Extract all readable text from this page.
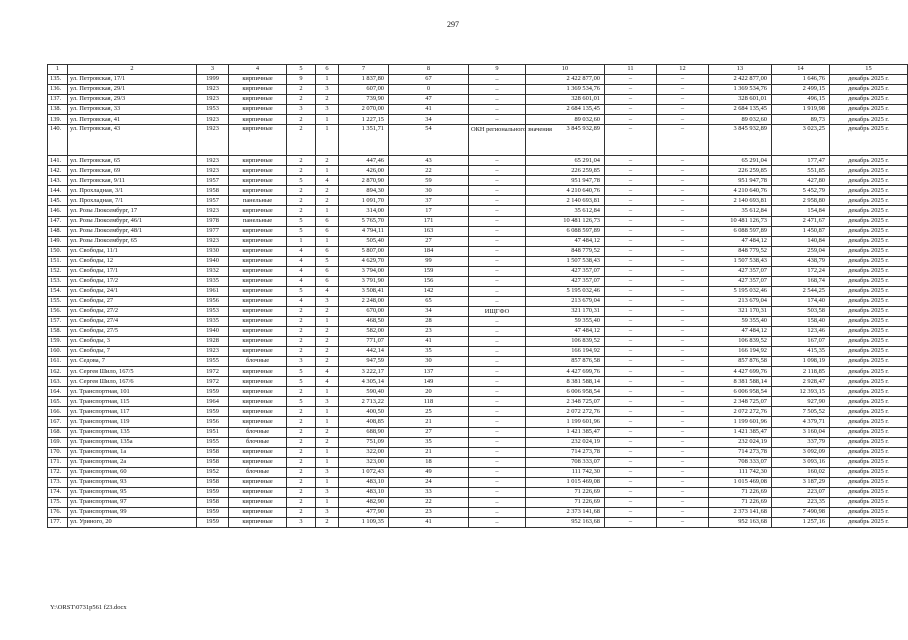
297
1	2	3	4	5	6	7	8	9	10	11	12	13	14	15
135.	ул. Петровская, 17/1	1999	кирпичные	9	1	1 837,80	67	–	2 422 877,00	–	–	2 422 877,00	1 646,76	декабрь 2025 г.
136.	ул. Петровская, 29/1	1923	кирпичные	2	3	607,00	0	–	1 369 534,76	–	–	1 369 534,76	2 499,15	декабрь 2025 г.
137.	ул. Петровская, 29/3	1923	кирпичные	2	2	739,90	47	–	328 601,01	–	–	328 601,01	496,15	декабрь 2025 г.
138.	ул. Петровская, 33	1953	кирпичные	3	3	2 070,00	41	–	2 684 135,45	–	–	2 684 135,45	1 919,98	декабрь 2025 г.
139.	ул. Петровская, 41	1923	кирпичные	2	1	1 227,15	34	–	89 032,60	–	–	89 032,60	89,73	декабрь 2025 г.
140.	ул. Петровская, 43	1923	кирпичные	2	1	1 351,71	54	ОКН регионального значения	3 845 932,89	–	–	3 845 932,89	3 023,25	декабрь 2025 г.
141.	ул. Петровская, 65	1923	кирпичные	2	2	447,46	43	–	65 291,04	–	–	65 291,04	177,47	декабрь 2025 г.
142.	ул. Петровская, 69	1923	кирпичные	2	1	426,00	22	–	226 259,85	–	–	226 259,85	551,85	декабрь 2025 г.
143.	ул. Петровская, 9/11	1957	кирпичные	5	4	2 870,90	59	–	951 947,78	–	–	951 947,78	427,80	декабрь 2025 г.
144.	ул. Прохладная, 3/1	1958	кирпичные	2	2	894,30	30	–	4 210 640,76	–	–	4 210 640,76	5 452,79	декабрь 2025 г.
145.	ул. Прохладная, 7/1	1957	панельные	2	2	1 091,70	37	–	2 140 693,81	–	–	2 140 693,81	2 958,80	декабрь 2025 г.
146.	ул. Розы Люксембург, 17	1923	кирпичные	2	1	314,00	17	–	35 612,84	–	–	35 612,84	154,84	декабрь 2025 г.
147.	ул. Розы Люксембург, 46/1	1978	панельные	5	6	5 765,70	171	–	10 481 126,73	–	–	10 481 126,73	2 471,67	декабрь 2025 г.
148.	ул. Розы Люксембург, 48/1	1977	кирпичные	5	6	4 794,11	163	–	6 088 597,89	–	–	6 088 597,89	1 450,87	декабрь 2025 г.
149.	ул. Розы Люксембург, 65	1923	кирпичные	1	1	505,40	27	–	47 484,12	–	–	47 484,12	140,84	декабрь 2025 г.
150.	ул. Свободы, 11/1	1930	кирпичные	4	6	5 807,00	184	–	848 779,52	–	–	848 779,52	259,04	декабрь 2025 г.
151.	ул. Свободы, 12	1940	кирпичные	4	5	4 629,70	99	–	1 507 538,43	–	–	1 507 538,43	438,79	декабрь 2025 г.
152.	ул. Свободы, 17/1	1932	кирпичные	4	6	3 794,00	159	–	427 357,07	–	–	427 357,07	172,24	декабрь 2025 г.
153.	ул. Свободы, 17/2	1935	кирпичные	4	6	3 791,90	156	–	427 357,07	–	–	427 357,07	168,74	декабрь 2025 г.
154.	ул. Свободы, 24/1	1961	кирпичные	5	4	3 508,41	142	–	5 195 032,46	–	–	5 195 032,46	2 544,25	декабрь 2025 г.
155.	ул. Свободы, 27	1956	кирпичные	4	3	2 248,00	65	–	213 679,04	–	–	213 679,04	174,40	декабрь 2025 г.
156.	ул. Свободы, 27/2	1953	кирпичные	2	2	670,00	34	ИЩГФО	321 170,31	–	–	321 170,31	503,58	декабрь 2025 г.
157.	ул. Свободы, 27/4	1935	кирпичные	2	1	468,50	28	–	59 355,40	–	–	59 355,40	158,40	декабрь 2025 г.
158.	ул. Свободы, 27/5	1940	кирпичные	2	2	582,00	23	–	47 484,12	–	–	47 484,12	123,46	декабрь 2025 г.
159.	ул. Свободы, 3	1928	кирпичные	2	2	771,07	41	–	106 839,52	–	–	106 839,52	167,07	декабрь 2025 г.
160.	ул. Свободы, 7	1923	кирпичные	2	2	442,14	35	–	166 194,92	–	–	166 194,92	415,35	декабрь 2025 г.
161.	ул. Седова, 7	1955	блочные	3	2	947,59	30	–	857 876,58	–	–	857 876,58	1 098,19	декабрь 2025 г.
162.	ул. Сергея Шило, 167/5	1972	кирпичные	5	4	3 222,17	137	–	4 427 699,76	–	–	4 427 699,76	2 118,85	декабрь 2025 г.
163.	ул. Сергея Шило, 167/6	1972	кирпичные	5	4	4 305,14	149	–	8 381 588,14	–	–	8 381 588,14	2 928,47	декабрь 2025 г.
164.	ул. Транспортная, 101	1959	кирпичные	2	1	590,40	20	–	6 006 958,54	–	–	6 006 958,54	12 393,15	декабрь 2025 г.
165.	ул. Транспортная, 115	1964	кирпичные	5	3	2 713,22	118	–	2 348 725,07	–	–	2 348 725,07	927,90	декабрь 2025 г.
166.	ул. Транспортная, 117	1959	кирпичные	2	1	400,50	25	–	2 072 272,76	–	–	2 072 272,76	7 505,52	декабрь 2025 г.
167.	ул. Транспортная, 119	1956	кирпичные	2	1	408,85	21	–	1 199 601,96	–	–	1 199 601,96	4 379,71	декабрь 2025 г.
168.	ул. Транспортная, 135	1951	блочные	2	2	688,90	27	–	1 421 385,47	–	–	1 421 385,47	3 160,04	декабрь 2025 г.
169.	ул. Транспортная, 135а	1955	блочные	2	2	751,09	35	–	232 024,19	–	–	232 024,19	337,79	декабрь 2025 г.
170.	ул. Транспортная, 1а	1958	кирпичные	2	1	322,00	21	–	714 273,78	–	–	714 273,78	3 092,09	декабрь 2025 г.
171.	ул. Транспортная, 2а	1958	кирпичные	2	1	323,00	18	–	708 333,07	–	–	708 333,07	3 093,16	декабрь 2025 г.
172.	ул. Транспортная, 60	1952	блочные	2	3	1 072,43	49	–	111 742,30	–	–	111 742,30	160,02	декабрь 2025 г.
173.	ул. Транспортная, 93	1958	кирпичные	2	1	483,10	24	–	1 015 469,08	–	–	1 015 469,08	3 187,29	декабрь 2025 г.
174.	ул. Транспортная, 95	1959	кирпичные	2	3	483,10	33	–	71 226,69	–	–	71 226,69	223,07	декабрь 2025 г.
175.	ул. Транспортная, 97	1958	кирпичные	2	1	482,90	22	–	71 226,69	–	–	71 226,69	223,35	декабрь 2025 г.
176.	ул. Транспортная, 99	1959	кирпичные	2	3	477,90	23	–	2 373 141,68	–	–	2 373 141,68	7 490,98	декабрь 2025 г.
177.	ул. Уриного, 20	1959	кирпичные	3	2	1 109,35	41	–	952 163,68	–	–	952 163,68	1 257,16	декабрь 2025 г.
Y:\ORST\0731p561 f23.docx
